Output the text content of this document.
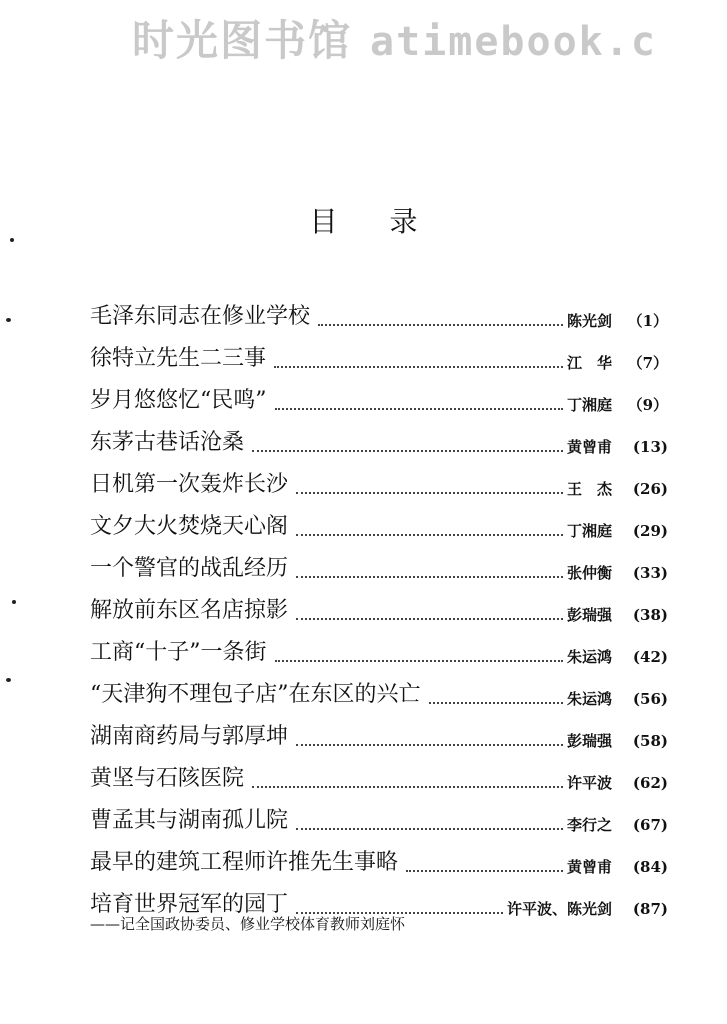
时光图书馆 atimebook.c
目录
毛泽东同志在修业学校	陈光剑	（1）
徐特立先生二三事	江　华	（7）
岁月悠悠忆“民鸣”	丁湘庭	（9）
东茅古巷话沧桑	黄曾甫	(13)
日机第一次轰炸长沙	王　杰	(26)
文夕大火焚烧天心阁	丁湘庭	(29)
一个警官的战乱经历	张仲衡	(33)
解放前东区名店掠影	彭瑞强	(38)
工商“十子”一条街	朱运鸿	(42)
“天津狗不理包子店”在东区的兴亡	朱运鸿	(56)
湖南商药局与郭厚坤	彭瑞强	(58)
黄坚与石陔医院	许平波	(62)
曹孟其与湖南孤儿院	李行之	(67)
最早的建筑工程师许推先生事略	黄曾甫	(84)
培育世界冠军的园丁	许平波、陈光剑	(87)
——记全国政协委员、修业学校体育教师刘庭怀
